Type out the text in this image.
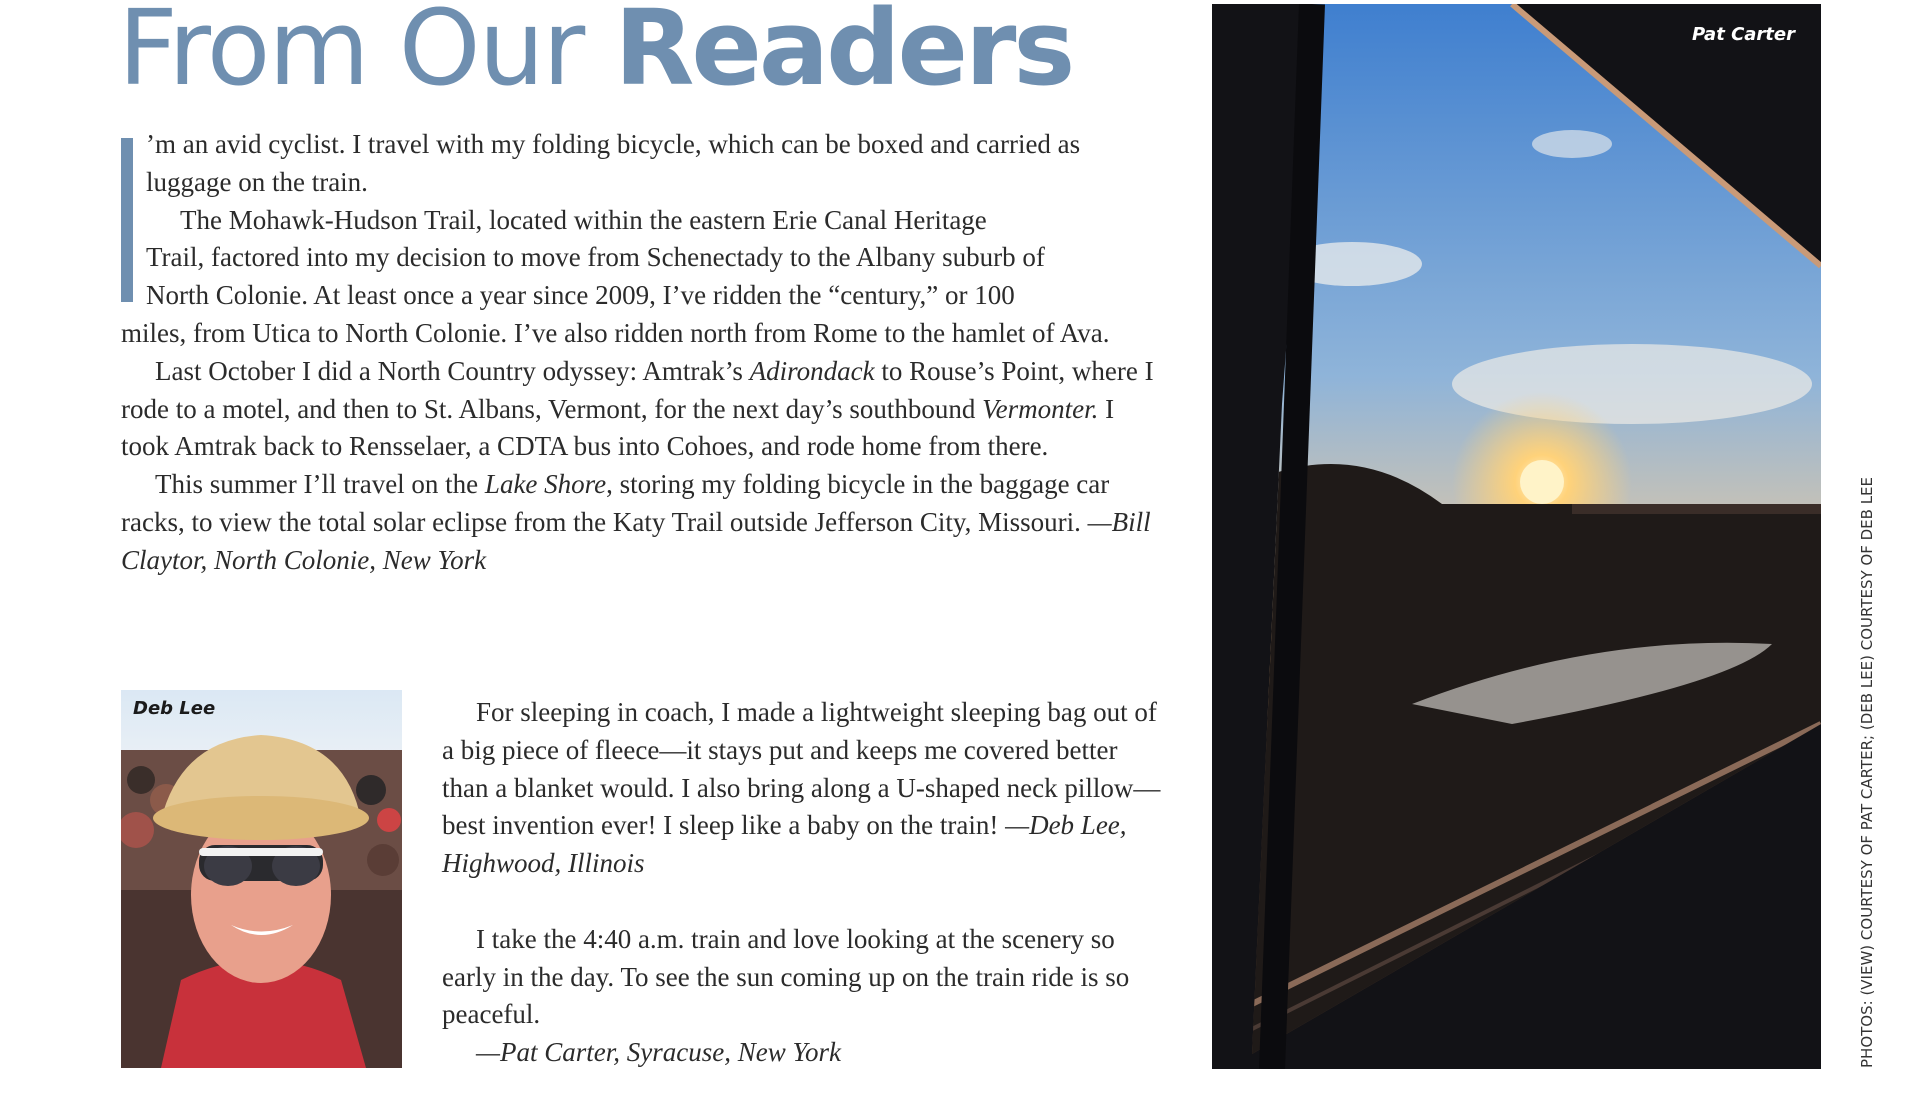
From Our Readers

’m an avid cyclist. I travel with my folding bicycle, which can be boxed and carried as luggage on the train.

The Mohawk-Hudson Trail, located within the eastern Erie Canal Heritage

Trail, factored into my decision to move from Schenectady to the Albany suburb of

North Colonie. At least once a year since 2009, I’ve ridden the “century,” or 100

miles, from Utica to North Colonie. I’ve also ridden north from Rome to the hamlet of Ava.

Last October I did a North Country odyssey: Amtrak’s Adirondack to Rouse’s Point, where I rode to a motel, and then to St. Albans, Vermont, for the next day’s southbound Vermonter. I took Amtrak back to Rensselaer, a CDTA bus into Cohoes, and rode home from there.

This summer I’ll travel on the Lake Shore, storing my folding bicycle in the baggage car racks, to view the total solar eclipse from the Katy Trail outside Jefferson City, Missouri. —Bill Claytor, North Colonie, New York

Deb Lee	For sleeping in coach, I made a lightweight sleeping bag out of a big piece of fleece—it stays put and keeps me covered better than a blanket would. I also bring along a U-shaped neck pillow—best invention ever! I sleep like a baby on the train! —Deb Lee, Highwood, Illinois

I take the 4:40 a.m. train and love looking at the scenery so early in the day. To see the sun coming up on the train ride is so peaceful.

—Pat Carter, Syracuse, New York

Pat Carter
PHOTOS: (VIEW) COURTESY OF PAT CARTER; (DEB LEE) COURTESY OF DEB LEE
